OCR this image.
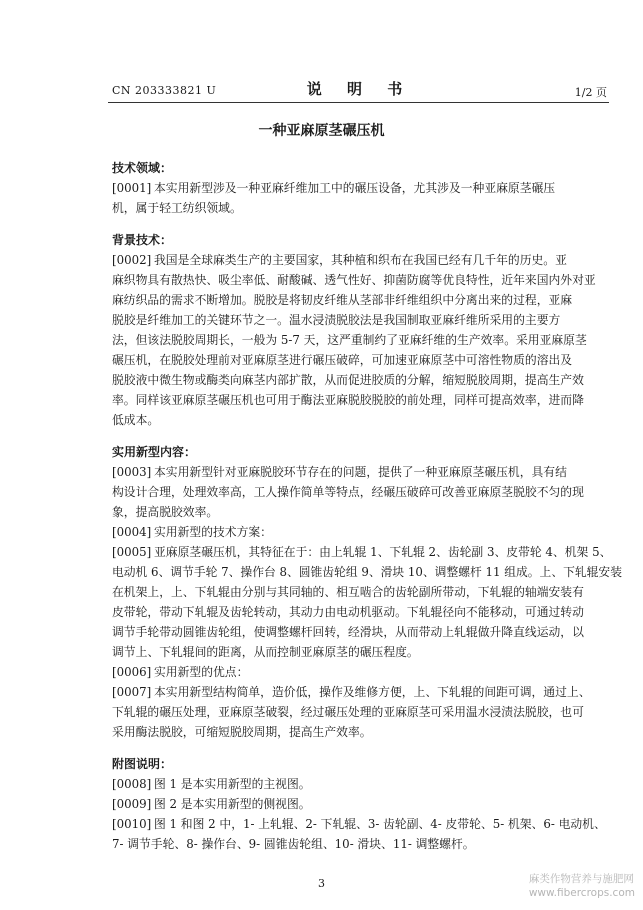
CN 203333821 U	说 明 书	1/2 页
一种亚麻原茎碾压机
技术领域：
[0001] 本实用新型涉及一种亚麻纤维加工中的碾压设备，尤其涉及一种亚麻原茎碾压
机，属于轻工纺织领域。
背景技术：
[0002] 我国是全球麻类生产的主要国家，其种植和织布在我国已经有几千年的历史。亚
麻织物具有散热快、吸尘率低、耐酸碱、透气性好、抑菌防腐等优良特性，近年来国内外对亚
麻纺织品的需求不断增加。脱胶是将韧皮纤维从茎部非纤维组织中分离出来的过程，亚麻
脱胶是纤维加工的关键环节之一。温水浸渍脱胶法是我国制取亚麻纤维所采用的主要方
法，但该法脱胶周期长，一般为 5-7 天，这严重制约了亚麻纤维的生产效率。采用亚麻原茎
碾压机，在脱胶处理前对亚麻原茎进行碾压破碎，可加速亚麻原茎中可溶性物质的溶出及
脱胶液中微生物或酶类向麻茎内部扩散，从而促进胶质的分解，缩短脱胶周期，提高生产效
率。同样该亚麻原茎碾压机也可用于酶法亚麻脱胶脱胶的前处理，同样可提高效率，进而降
低成本。
实用新型内容：
[0003] 本实用新型针对亚麻脱胶环节存在的问题，提供了一种亚麻原茎碾压机，具有结
构设计合理，处理效率高，工人操作简单等特点，经碾压破碎可改善亚麻原茎脱胶不匀的现
象，提高脱胶效率。
[0004] 实用新型的技术方案：
[0005] 亚麻原茎碾压机，其特征在于：由上轧辊 1、下轧辊 2、齿轮副 3、皮带轮 4、机架 5、
电动机 6、调节手轮 7、操作台 8、圆锥齿轮组 9、滑块 10、调整螺杆 11 组成。上、下轧辊安装
在机架上，上、下轧辊由分别与其同轴的、相互啮合的齿轮副所带动，下轧辊的轴端安装有
皮带轮，带动下轧辊及齿轮转动，其动力由电动机驱动。下轧辊径向不能移动，可通过转动
调节手轮带动圆锥齿轮组，使调整螺杆回转，经滑块，从而带动上轧辊做升降直线运动，以
调节上、下轧辊间的距离，从而控制亚麻原茎的碾压程度。
[0006] 实用新型的优点：
[0007] 本实用新型结构简单，造价低，操作及维修方便，上、下轧辊的间距可调，通过上、
下轧辊的碾压处理，亚麻原茎破裂，经过碾压处理的亚麻原茎可采用温水浸渍法脱胶，也可
采用酶法脱胶，可缩短脱胶周期，提高生产效率。
附图说明：
[0008] 图 1 是本实用新型的主视图。
[0009] 图 2 是本实用新型的侧视图。
[0010] 图 1 和图 2 中，1- 上轧辊、2- 下轧辊、3- 齿轮副、4- 皮带轮、5- 机架、6- 电动机、
7- 调节手轮、8- 操作台、9- 圆锥齿轮组、10- 滑块、11- 调整螺杆。
3	麻类作物营养与施肥网
www.fibercrops.com
